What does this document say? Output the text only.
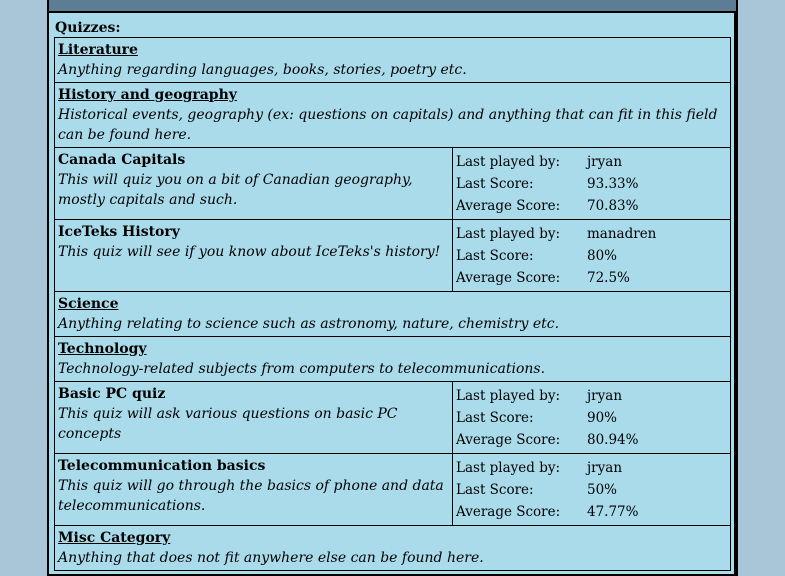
Quizzes:
Literature
Anything regarding languages, books, stories, poetry etc.
History and geography
Historical events, geography (ex: questions on capitals) and anything that can fit in this field can be found here.
Canada Capitals
This will quiz you on a bit of Canadian geography, mostly capitals and such.
Last played by:	jryan
Last Score:	93.33%
Average Score:	70.83%
IceTeks History
This quiz will see if you know about IceTeks's history!
Last played by:	manadren
Last Score:	80%
Average Score:	72.5%
Science
Anything relating to science such as astronomy, nature, chemistry etc.
Technology
Technology-related subjects from computers to telecommunications.
Basic PC quiz
This quiz will ask various questions on basic PC concepts
Last played by:	jryan
Last Score:	90%
Average Score:	80.94%
Telecommunication basics
This quiz will go through the basics of phone and data telecommunications.
Last played by:	jryan
Last Score:	50%
Average Score:	47.77%
Misc Category
Anything that does not fit anywhere else can be found here.
